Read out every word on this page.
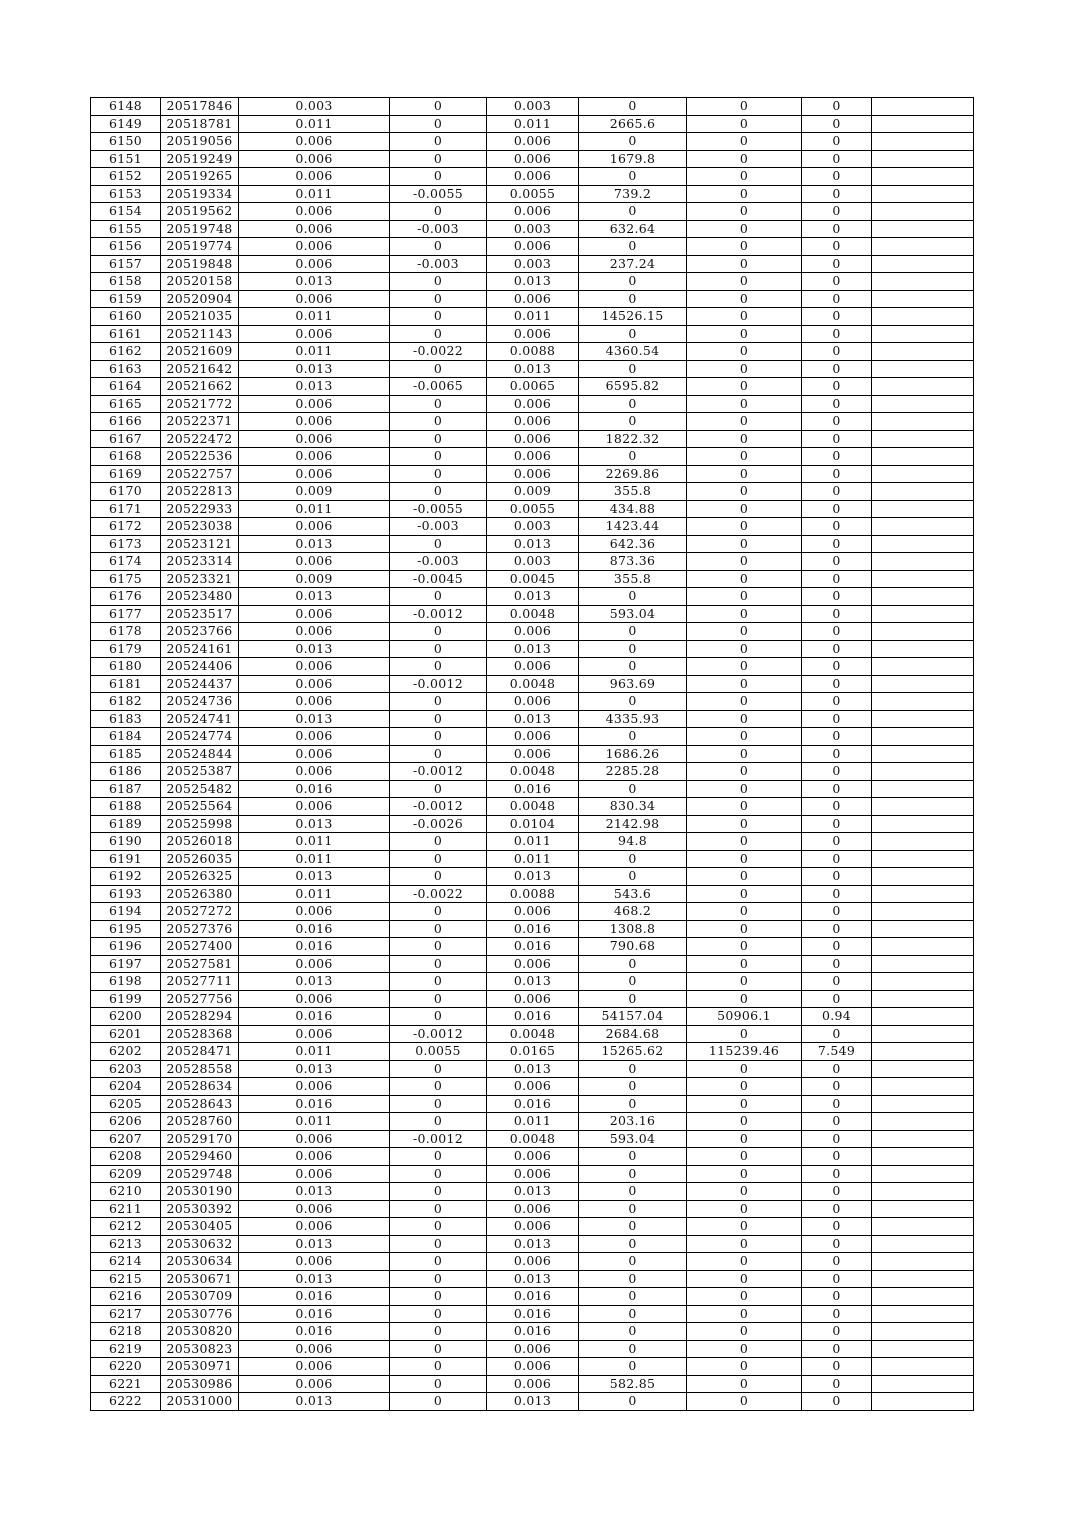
6148	20517846	0.003	0	0.003	0	0	0	
6149	20518781	0.011	0	0.011	2665.6	0	0	
6150	20519056	0.006	0	0.006	0	0	0	
6151	20519249	0.006	0	0.006	1679.8	0	0	
6152	20519265	0.006	0	0.006	0	0	0	
6153	20519334	0.011	-0.0055	0.0055	739.2	0	0	
6154	20519562	0.006	0	0.006	0	0	0	
6155	20519748	0.006	-0.003	0.003	632.64	0	0	
6156	20519774	0.006	0	0.006	0	0	0	
6157	20519848	0.006	-0.003	0.003	237.24	0	0	
6158	20520158	0.013	0	0.013	0	0	0	
6159	20520904	0.006	0	0.006	0	0	0	
6160	20521035	0.011	0	0.011	14526.15	0	0	
6161	20521143	0.006	0	0.006	0	0	0	
6162	20521609	0.011	-0.0022	0.0088	4360.54	0	0	
6163	20521642	0.013	0	0.013	0	0	0	
6164	20521662	0.013	-0.0065	0.0065	6595.82	0	0	
6165	20521772	0.006	0	0.006	0	0	0	
6166	20522371	0.006	0	0.006	0	0	0	
6167	20522472	0.006	0	0.006	1822.32	0	0	
6168	20522536	0.006	0	0.006	0	0	0	
6169	20522757	0.006	0	0.006	2269.86	0	0	
6170	20522813	0.009	0	0.009	355.8	0	0	
6171	20522933	0.011	-0.0055	0.0055	434.88	0	0	
6172	20523038	0.006	-0.003	0.003	1423.44	0	0	
6173	20523121	0.013	0	0.013	642.36	0	0	
6174	20523314	0.006	-0.003	0.003	873.36	0	0	
6175	20523321	0.009	-0.0045	0.0045	355.8	0	0	
6176	20523480	0.013	0	0.013	0	0	0	
6177	20523517	0.006	-0.0012	0.0048	593.04	0	0	
6178	20523766	0.006	0	0.006	0	0	0	
6179	20524161	0.013	0	0.013	0	0	0	
6180	20524406	0.006	0	0.006	0	0	0	
6181	20524437	0.006	-0.0012	0.0048	963.69	0	0	
6182	20524736	0.006	0	0.006	0	0	0	
6183	20524741	0.013	0	0.013	4335.93	0	0	
6184	20524774	0.006	0	0.006	0	0	0	
6185	20524844	0.006	0	0.006	1686.26	0	0	
6186	20525387	0.006	-0.0012	0.0048	2285.28	0	0	
6187	20525482	0.016	0	0.016	0	0	0	
6188	20525564	0.006	-0.0012	0.0048	830.34	0	0	
6189	20525998	0.013	-0.0026	0.0104	2142.98	0	0	
6190	20526018	0.011	0	0.011	94.8	0	0	
6191	20526035	0.011	0	0.011	0	0	0	
6192	20526325	0.013	0	0.013	0	0	0	
6193	20526380	0.011	-0.0022	0.0088	543.6	0	0	
6194	20527272	0.006	0	0.006	468.2	0	0	
6195	20527376	0.016	0	0.016	1308.8	0	0	
6196	20527400	0.016	0	0.016	790.68	0	0	
6197	20527581	0.006	0	0.006	0	0	0	
6198	20527711	0.013	0	0.013	0	0	0	
6199	20527756	0.006	0	0.006	0	0	0	
6200	20528294	0.016	0	0.016	54157.04	50906.1	0.94	
6201	20528368	0.006	-0.0012	0.0048	2684.68	0	0	
6202	20528471	0.011	0.0055	0.0165	15265.62	115239.46	7.549	
6203	20528558	0.013	0	0.013	0	0	0	
6204	20528634	0.006	0	0.006	0	0	0	
6205	20528643	0.016	0	0.016	0	0	0	
6206	20528760	0.011	0	0.011	203.16	0	0	
6207	20529170	0.006	-0.0012	0.0048	593.04	0	0	
6208	20529460	0.006	0	0.006	0	0	0	
6209	20529748	0.006	0	0.006	0	0	0	
6210	20530190	0.013	0	0.013	0	0	0	
6211	20530392	0.006	0	0.006	0	0	0	
6212	20530405	0.006	0	0.006	0	0	0	
6213	20530632	0.013	0	0.013	0	0	0	
6214	20530634	0.006	0	0.006	0	0	0	
6215	20530671	0.013	0	0.013	0	0	0	
6216	20530709	0.016	0	0.016	0	0	0	
6217	20530776	0.016	0	0.016	0	0	0	
6218	20530820	0.016	0	0.016	0	0	0	
6219	20530823	0.006	0	0.006	0	0	0	
6220	20530971	0.006	0	0.006	0	0	0	
6221	20530986	0.006	0	0.006	582.85	0	0	
6222	20531000	0.013	0	0.013	0	0	0	
